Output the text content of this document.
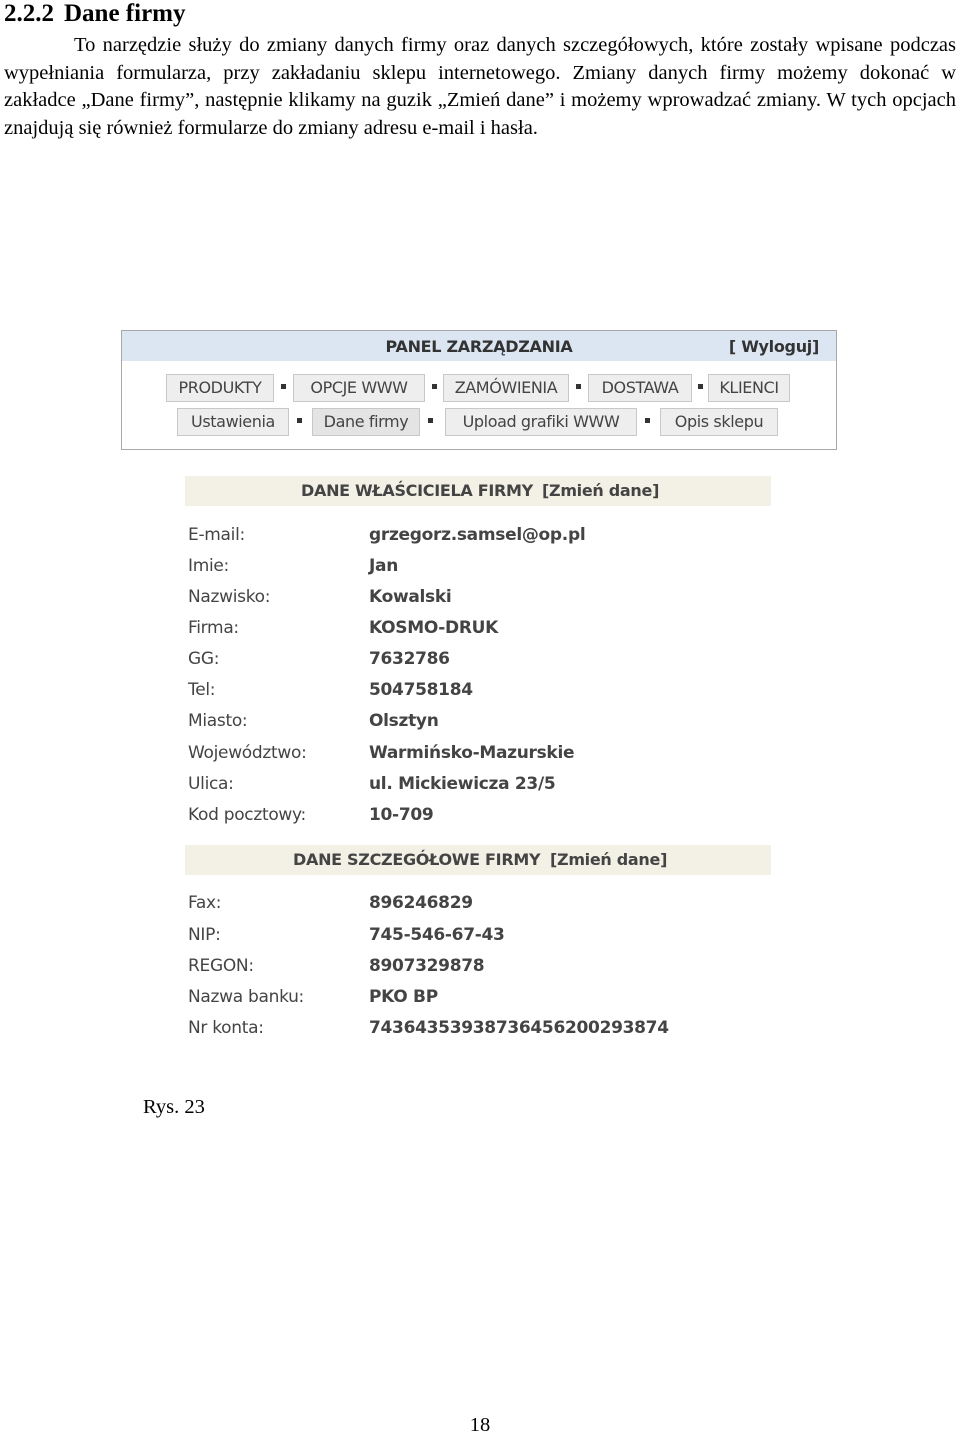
2.2.2 Dane firmy
To narzędzie służy do zmiany danych firmy oraz danych szczegółowych, które zostały wpisane podczas wypełniania formularza, przy zakładaniu sklepu internetowego. Zmiany danych firmy możemy dokonać w zakładce „Dane firmy”, następnie klikamy na guzik „Zmień dane” i możemy wprowadzać zmiany. W tych opcjach znajdują się również formularze do zmiany adresu e-mail i hasła.
PANEL ZARZĄDZANIA	[ Wyloguj]
PRODUKTY	OPCJE WWW	ZAMÓWIENIA	DOSTAWA	KLIENCI
Ustawienia	Dane firmy	Upload grafiki WWW	Opis sklepu
DANE WŁAŚCICIELA FIRMY [Zmień dane]
E-mail:	grzegorz.samsel@op.pl
Imie:	Jan
Nazwisko:	Kowalski
Firma:	KOSMO-DRUK
GG:	7632786
Tel:	504758184
Miasto:	Olsztyn
Województwo:	Warmińsko-Mazurskie
Ulica:	ul. Mickiewicza 23/5
Kod pocztowy:	10-709
DANE SZCZEGÓŁOWE FIRMY [Zmień dane]
Fax:	896246829
NIP:	745-546-67-43
REGON:	8907329878
Nazwa banku:	PKO BP
Nr konta:	74364353938736456200293874
Rys. 23
18
